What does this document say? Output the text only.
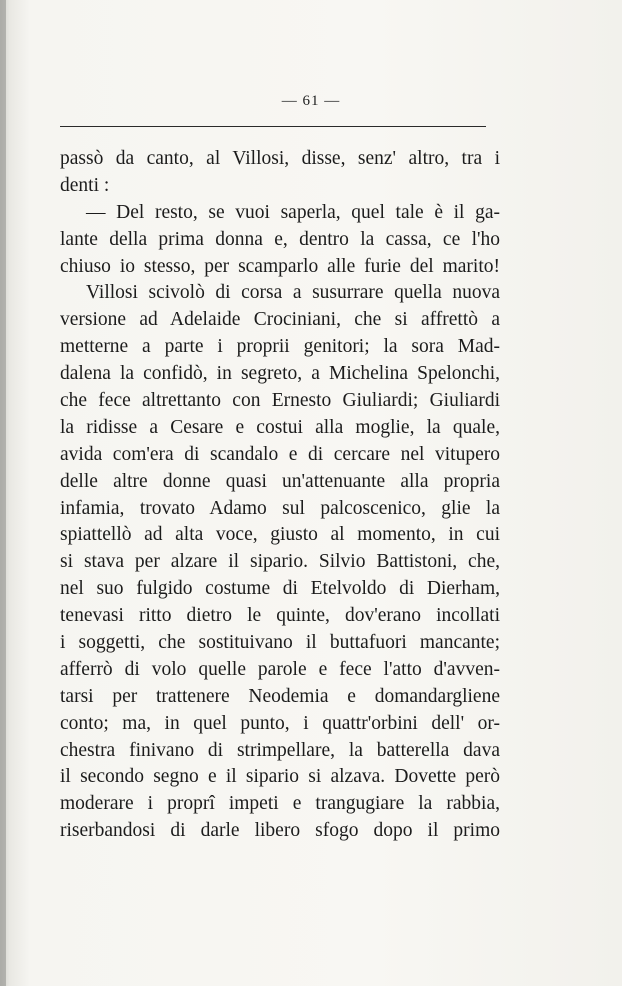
— 61 —
passò da canto, al Villosi, disse, senz' altro, tra i
denti :
— Del resto, se vuoi saperla, quel tale è il ga-
lante della prima donna e, dentro la cassa, ce l'ho
chiuso io stesso, per scamparlo alle furie del marito!
Villosi scivolò di corsa a susurrare quella nuova
versione ad Adelaide Crociniani, che si affrettò a
metterne a parte i proprii genitori; la sora Mad-
dalena la confidò, in segreto, a Michelina Spelonchi,
che fece altrettanto con Ernesto Giuliardi; Giuliardi
la ridisse a Cesare e costui alla moglie, la quale,
avida com'era di scandalo e di cercare nel vitupero
delle altre donne quasi un'attenuante alla propria
infamia, trovato Adamo sul palcoscenico, glie la
spiattellò ad alta voce, giusto al momento, in cui
si stava per alzare il sipario. Silvio Battistoni, che,
nel suo fulgido costume di Etelvoldo di Dierham,
tenevasi ritto dietro le quinte, dov'erano incollati
i soggetti, che sostituivano il buttafuori mancante;
afferrò di volo quelle parole e fece l'atto d'avven-
tarsi per trattenere Neodemia e domandargliene
conto; ma, in quel punto, i quattr'orbini dell' or-
chestra finivano di strimpellare, la batterella dava
il secondo segno e il sipario si alzava. Dovette però
moderare i proprî impeti e trangugiare la rabbia,
riserbandosi di darle libero sfogo dopo il primo
